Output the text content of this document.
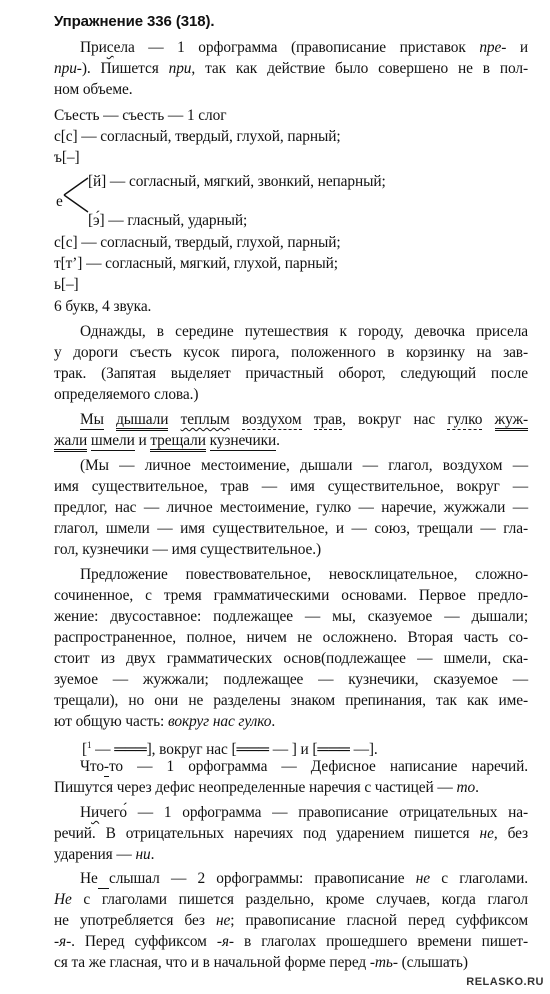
Упражнение 336 (318).
Присела — 1 орфограмма (правописание приставок пре- и
при-). Пишется при, так как действие было совершено не в пол-
ном объеме.
Съесть — съесть — 1 слог
с[с] — согласный, твердый, глухой, парный;
ъ[–]
[й] — согласный, мягкий, звонкий, непарный;
е
[э́] — гласный, ударный;
с[с] — согласный, твердый, глухой, парный;
т[т’] — согласный, мягкий, глухой, парный;
ь[–]
6 букв, 4 звука.
Однажды, в середине путешествия к городу, девочка присела
у дороги съесть кусок пирога, положенного в корзинку на зав-
трак. (Запятая выделяет причастный оборот, следующий после
определяемого слова.)
Мы дышали теплым воздухом трав, вокруг нас гулко жуж-
жали шмели и трещали кузнечики.
(Мы — личное местоимение, дышали — глагол, воздухом —
имя существительное, трав — имя существительное, вокруг —
предлог, нас — личное местоимение, гулко — наречие, жужжали —
глагол, шмели — имя существительное, и — союз, трещали — гла-
гол, кузнечики — имя существительное.)
Предложение повествовательное, невосклицательное, сложно-
сочиненное, с тремя грамматическими основами. Первое предло-
жение: двусоставное: подлежащее — мы, сказуемое — дышали;
распространенное, полное, ничем не осложнено. Вторая часть со-
стоит из двух грамматических основ(подлежащее — шмели, ска-
зуемое — жужжали; подлежащее — кузнечики, сказуемое —
трещали), но они не разделены знаком препинания, так как име-
ют общую часть: вокруг нас гулко.
[$^1$ — ═══], вокруг нас [═══ — ] и [═══ —].
Что-то — 1 орфограмма — Дефисное написание наречий.
Пишутся через дефис неопределенные наречия с частицей — то.
Ничего́ — 1 орфограмма — правописание отрицательных на-
речий. В отрицательных наречиях под ударением пишется не, без
ударения — ни.
Не слышал — 2 орфограммы: правописание не с глаголами.
Не с глаголами пишется раздельно, кроме случаев, когда глагол
не употребляется без не; правописание гласной перед суффиксом
-я-. Перед суффиксом -я- в глаголах прошедшего времени пишет-
ся та же гласная, что и в начальной форме перед -ть- (слышать)
RELASKO.RU
